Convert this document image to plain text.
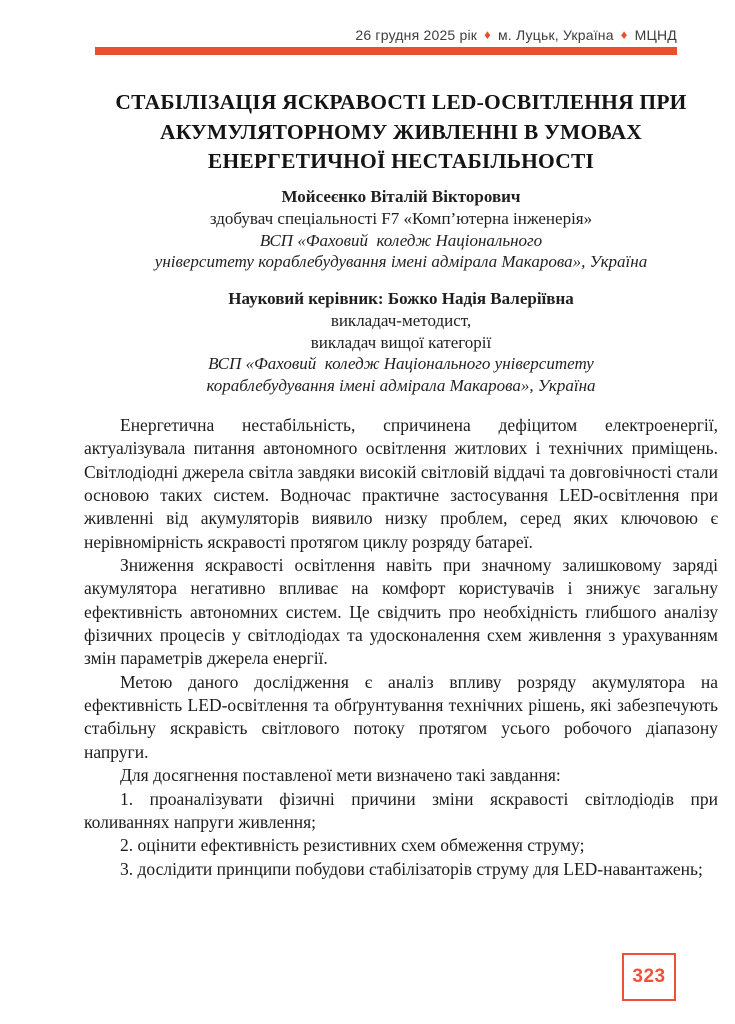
26 грудня 2025 рік ♦ м. Луцьк, Україна ♦ МЦНД
СТАБІЛІЗАЦІЯ ЯСКРАВОСТІ LED-ОСВІТЛЕННЯ ПРИ
АКУМУЛЯТОРНОМУ ЖИВЛЕННІ В УМОВАХ
ЕНЕРГЕТИЧНОЇ НЕСТАБІЛЬНОСТІ
Мойсеєнко Віталій Вікторович
здобувач спеціальності F7 «Комп’ютерна інженерія»
ВСП «Фаховий  коледж Національного
університету кораблебудування імені адмірала Макарова», Україна
Науковий керівник: Божко Надія Валеріївна
викладач-методист,
викладач вищої категорії
ВСП «Фаховий  коледж Національного університету
кораблебудування імені адмірала Макарова», Україна

Енергетична нестабільність, спричинена дефіцитом електроенергії, актуалізувала питання автономного освітлення житлових і технічних приміщень. Світлодіодні джерела світла завдяки високій світловій віддачі та довговічності стали основою таких систем. Водночас практичне застосування LED-освітлення при живленні від акумуляторів виявило низку проблем, серед яких ключовою є нерівномірність яскравості протягом циклу розряду батареї.

Зниження яскравості освітлення навіть при значному залишковому заряді акумулятора негативно впливає на комфорт користувачів і знижує загальну ефективність автономних систем. Це свідчить про необхідність глибшого аналізу фізичних процесів у світлодіодах та удосконалення схем живлення з урахуванням змін параметрів джерела енергії.

Метою даного дослідження є аналіз впливу розряду акумулятора на ефективність LED-освітлення та обґрунтування технічних рішень, які забезпечують стабільну яскравість світлового потоку протягом усього робочого діапазону напруги.

Для досягнення поставленої мети визначено такі завдання:

1. проаналізувати фізичні причини зміни яскравості світлодіодів при коливаннях напруги живлення;

2. оцінити ефективність резистивних схем обмеження струму;

3. дослідити принципи побудови стабілізаторів струму для LED-навантажень;

323
